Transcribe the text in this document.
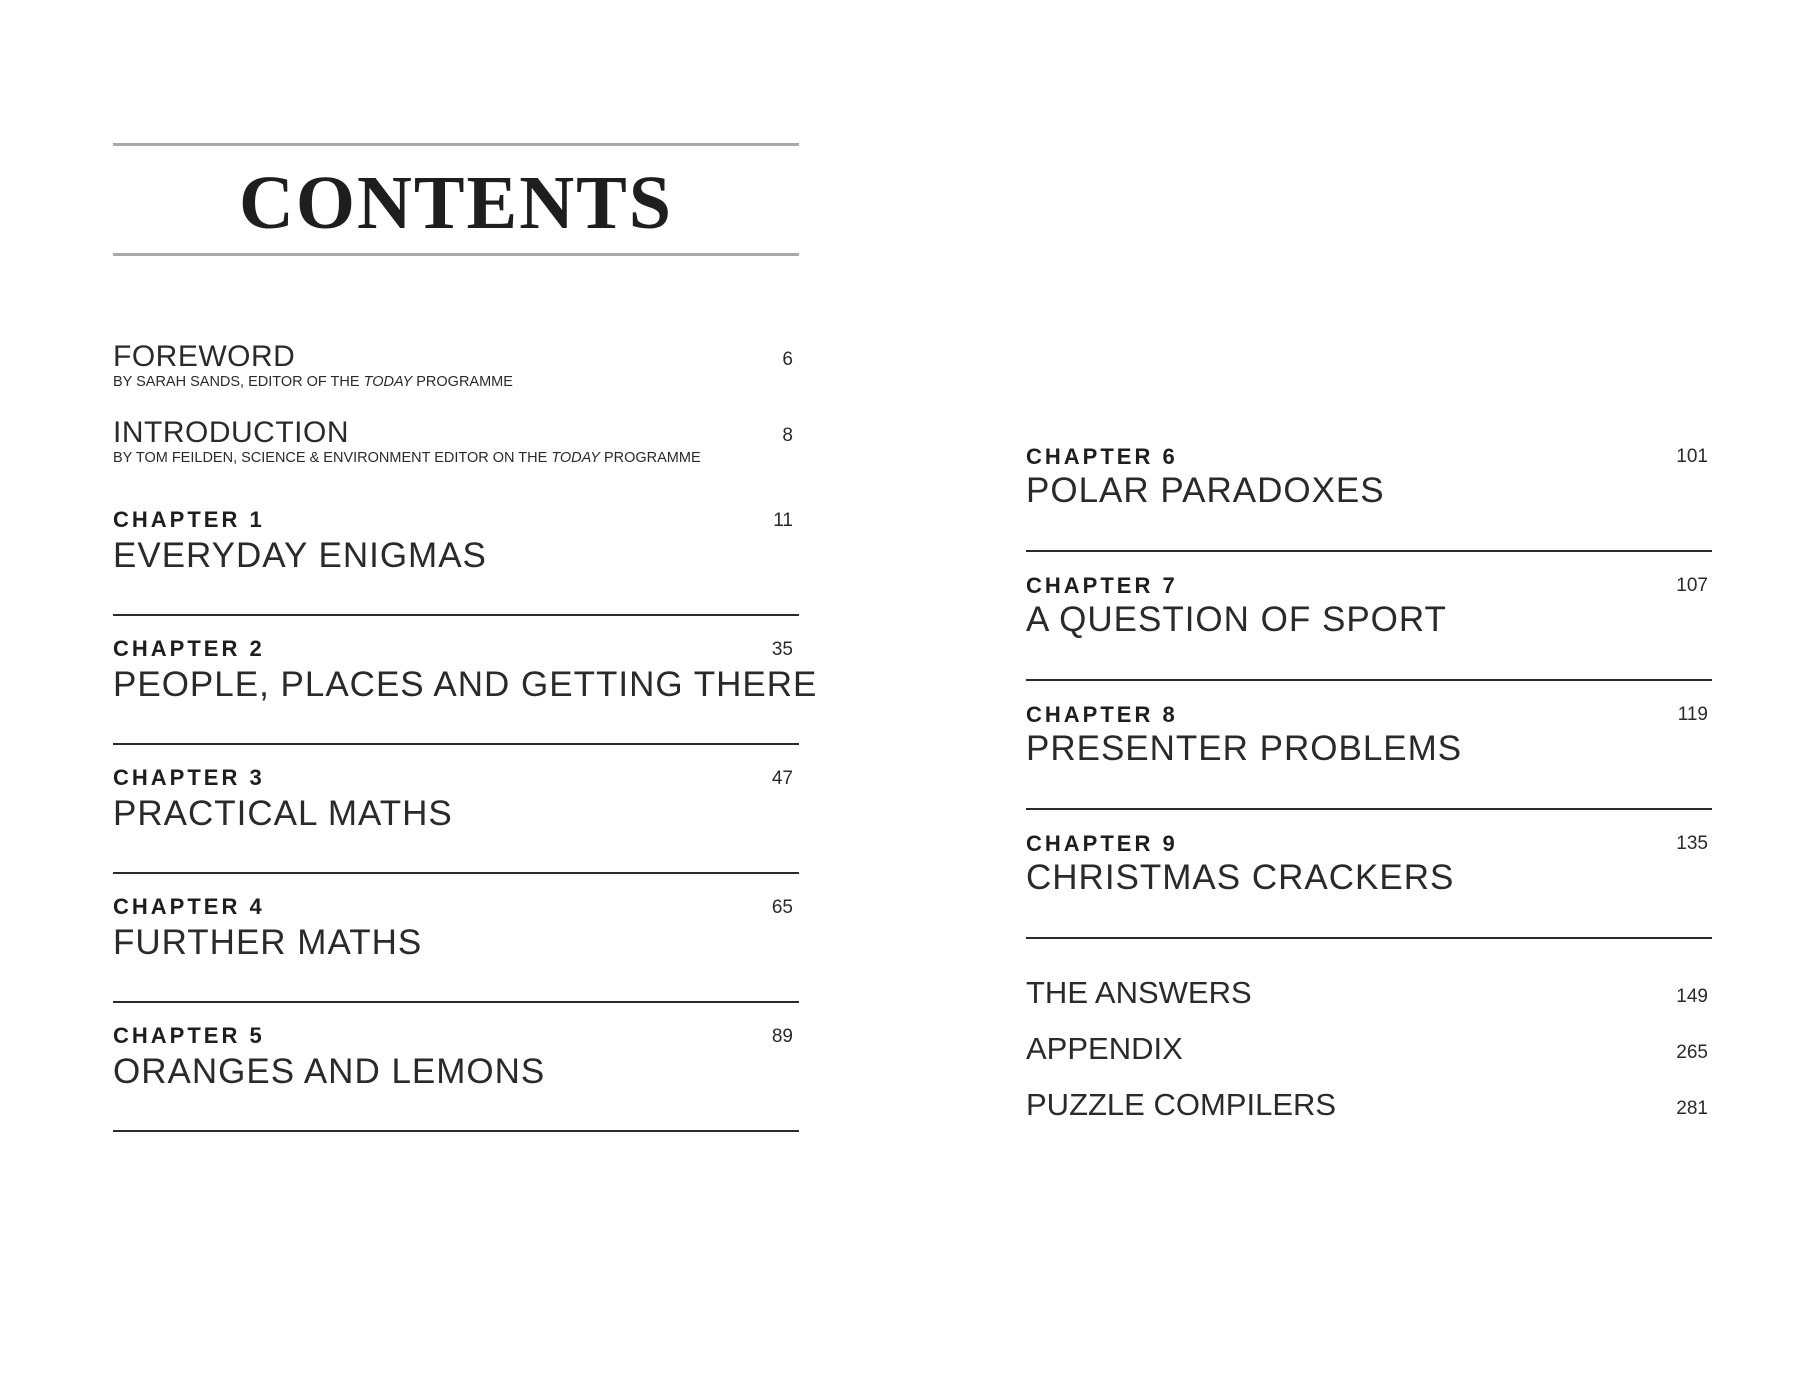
CONTENTS
FOREWORD	6
BY SARAH SANDS, EDITOR OF THE TODAY PROGRAMME
INTRODUCTION	8
BY TOM FEILDEN, SCIENCE & ENVIRONMENT EDITOR ON THE TODAY PROGRAMME
CHAPTER 1	11
EVERYDAY ENIGMAS
CHAPTER 2	35
PEOPLE, PLACES AND GETTING THERE
CHAPTER 3	47
PRACTICAL MATHS
CHAPTER 4	65
FURTHER MATHS
CHAPTER 5	89
ORANGES AND LEMONS
CHAPTER 6	101
POLAR PARADOXES
CHAPTER 7	107
A QUESTION OF SPORT
CHAPTER 8	119
PRESENTER PROBLEMS
CHAPTER 9	135
CHRISTMAS CRACKERS
THE ANSWERS	149
APPENDIX	265
PUZZLE COMPILERS	281
